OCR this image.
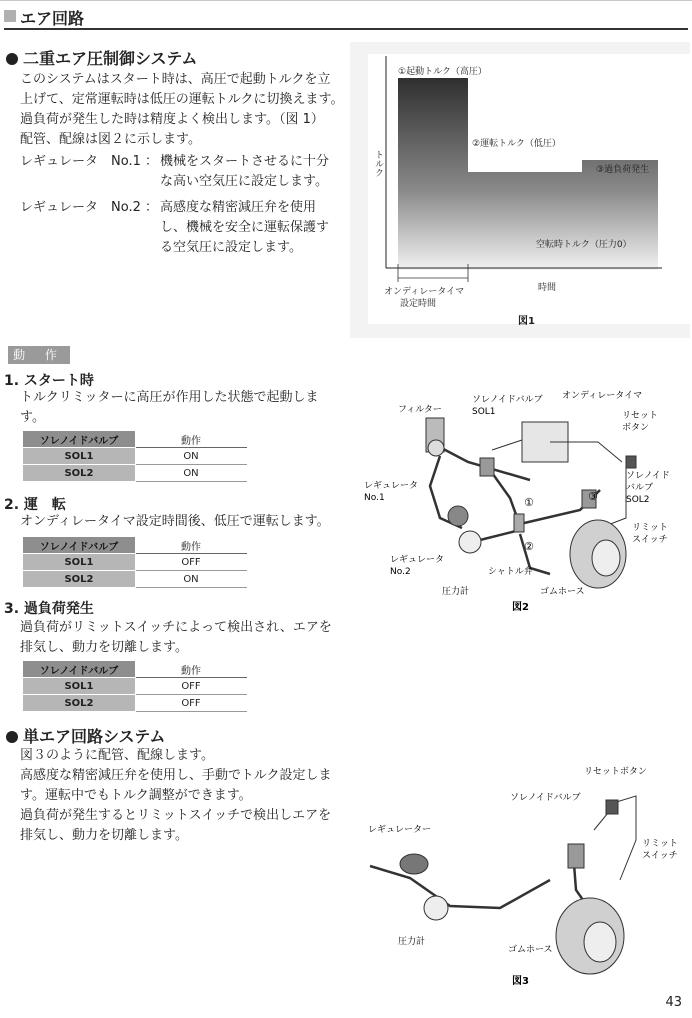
エア回路
二重エア圧制御システム
このシステムはスタート時は、高圧で起動トルクを立
上げて、定常運転時は低圧の運転トルクに切換えます。
過負荷が発生した時は精度よく検出します。（図 1）
配管、配線は図２に示します。
レギュレータ　No.1 ： 機械をスタートさせるに十分
な高い空気圧に設定します。
レギュレータ　No.2 ： 高感度な精密減圧弁を使用
し、機械を安全に運転保護す
る空気圧に設定します。
トルク
①起動トルク（高圧）
②運転トルク（低圧）
③過負荷発生
空転時トルク（圧力0）
オンディレータイマ
設定時間
時間
図1
動 作
1. スタート時
トルクリミッターに高圧が作用した状態で起動しま
す。
ソレノイドバルブ	動作
SOL1	ON
SOL2	ON
2. 運　転
オンディレータイマ設定時間後、低圧で運転します。
ソレノイドバルブ	動作
SOL1	OFF
SOL2	ON
3. 過負荷発生
過負荷がリミットスイッチによって検出され、エアを
排気し、動力を切離します。
ソレノイドバルブ	動作
SOL1	OFF
SOL2	OFF
フィルター
ソレノイドバルブ
SOL1
オンディレータイマ
リセット
ボタン
レギュレータ
No.1
ソレノイド
バルブ
SOL2
リミット
スイッチ
レギュレータ
No.2	シャトル弁
圧力計	ゴムホース
①
②
③
図2
単エア回路システム
図３のように配管、配線します。
高感度な精密減圧弁を使用し、手動でトルク設定しま
す。運転中でもトルク調整ができます。
過負荷が発生するとリミットスイッチで検出しエアを
排気し、動力を切離します。
リセットボタン
ソレノイドバルブ
レギュレーター
リミット
スイッチ
圧力計
ゴムホース
図3
43
